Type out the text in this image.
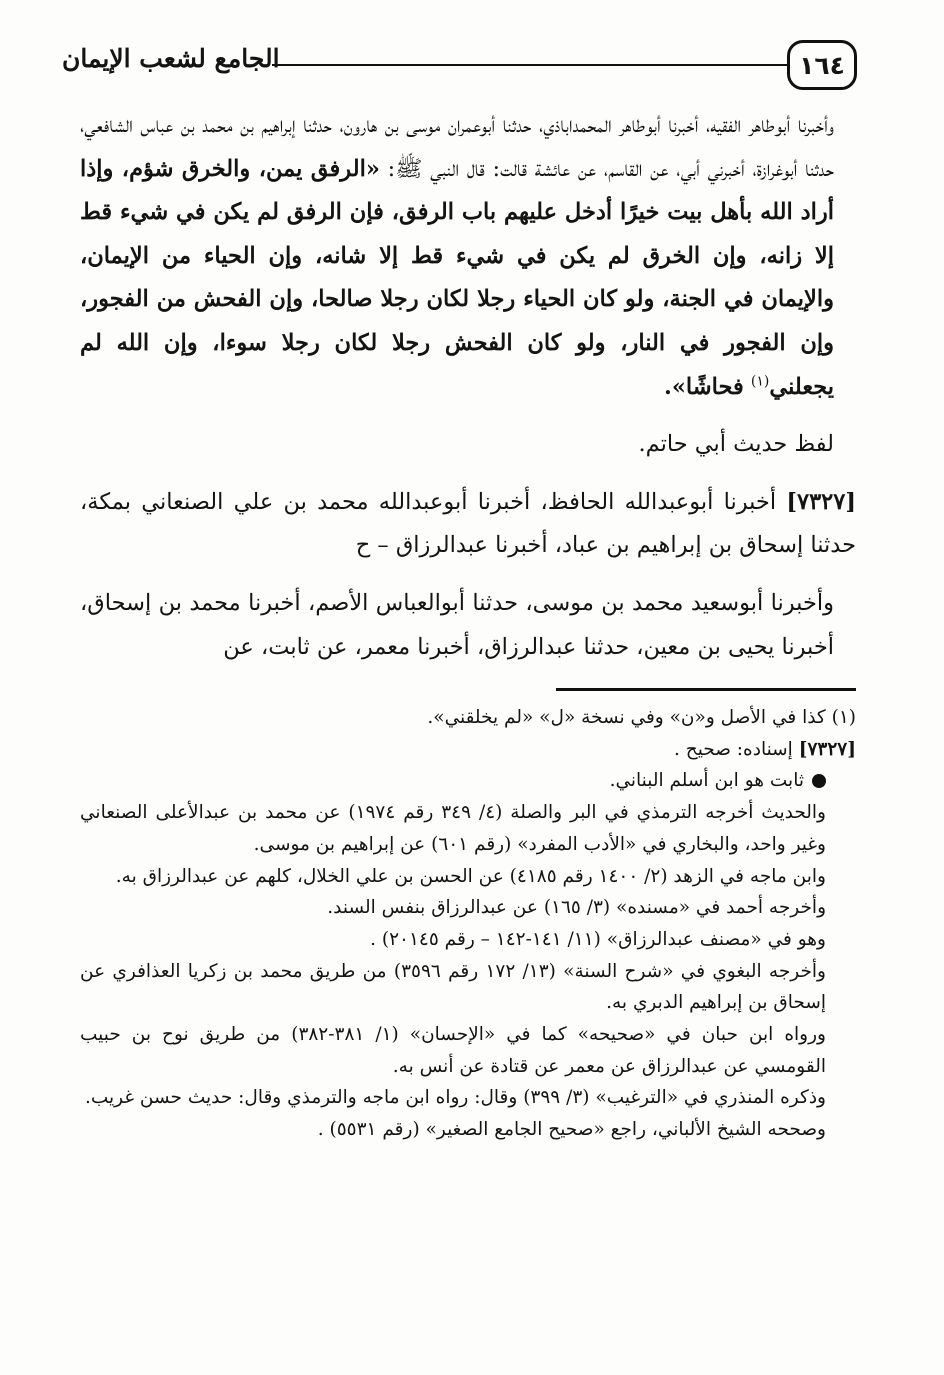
١٦٤
الجامع لشعب الإيمان

وأخبرنا أبوطاهر الفقيه، أخبرنا أبوطاهر المحمداباذي، حدثنا أبوعمران موسى بن هارون، حدثنا إبراهيم بن محمد بن عباس الشافعي، حدثنا أبوغرازة، أخبرني أبي، عن القاسم، عن عائشة قالت: قال النبي ﷺ: «الرفق يمن، والخرق شؤم، وإذا أراد الله بأهل بيت خيرًا أدخل عليهم باب الرفق، فإن الرفق لم يكن في شيء قط إلا زانه، وإن الخرق لم يكن في شيء قط إلا شانه، وإن الحياء من الإيمان، والإيمان في الجنة، ولو كان الحياء رجلا لكان رجلا صالحا، وإن الفحش من الفجور، وإن الفجور في النار، ولو كان الفحش رجلا لكان رجلا سوءا، وإن الله لم يجعلني$^{(١)}$ فحاشًا».

لفظ حديث أبي حاتم.

[٧٣٢٧] أخبرنا أبوعبدالله الحافظ، أخبرنا أبوعبدالله محمد بن علي الصنعاني بمكة، حدثنا إسحاق بن إبراهيم بن عباد، أخبرنا عبدالرزاق – ح

وأخبرنا أبوسعيد محمد بن موسى، حدثنا أبوالعباس الأصم، أخبرنا محمد بن إسحاق، أخبرنا يحيى بن معين، حدثنا عبدالرزاق، أخبرنا معمر، عن ثابت، عن

(١) كذا في الأصل و«ن» وفي نسخة «ل» «لم يخلقني».

[٧٣٢٧] إسناده: صحيح .

ثابت هو ابن أسلم البناني.

والحديث أخرجه الترمذي في البر والصلة (٤/ ٣٤٩ رقم ١٩٧٤) عن محمد بن عبدالأعلى الصنعاني وغير واحد، والبخاري في «الأدب المفرد» (رقم ٦٠١) عن إبراهيم بن موسى.

وابن ماجه في الزهد (٢/ ١٤٠٠ رقم ٤١٨٥) عن الحسن بن علي الخلال، كلهم عن عبدالرزاق به.

وأخرجه أحمد في «مسنده» (٣/ ١٦٥) عن عبدالرزاق بنفس السند.

وهو في «مصنف عبدالرزاق» (١١/ ١٤١-١٤٢ – رقم ٢٠١٤٥) .

وأخرجه البغوي في «شرح السنة» (١٣/ ١٧٢ رقم ٣٥٩٦) من طريق محمد بن زكريا العذافري عن إسحاق بن إبراهيم الدبري به.

ورواه ابن حبان في «صحيحه» كما في «الإحسان» (١/ ٣٨١-٣٨٢) من طريق نوح بن حبيب القومسي عن عبدالرزاق عن معمر عن قتادة عن أنس به.

وذكره المنذري في «الترغيب» (٣/ ٣٩٩) وقال: رواه ابن ماجه والترمذي وقال: حديث حسن غريب.

وصححه الشيخ الألباني، راجع «صحيح الجامع الصغير» (رقم ٥٥٣١) .
